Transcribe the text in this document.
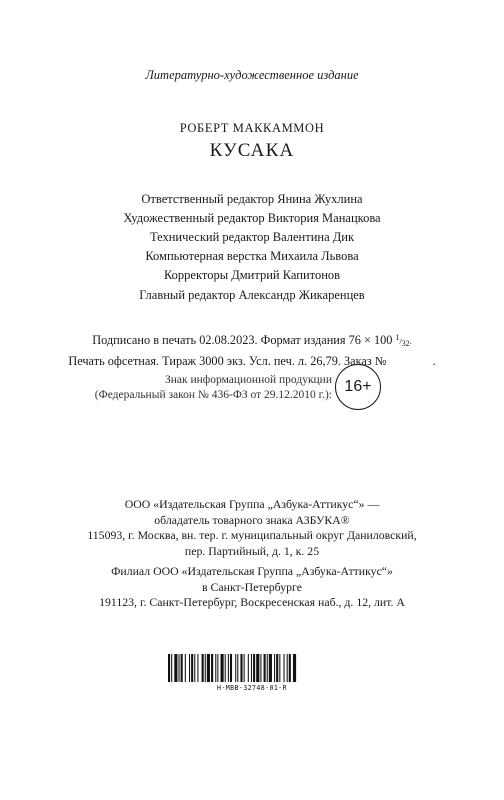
Литературно-художественное издание
РОБЕРТ МАККАММОН
КУСАКА
Ответственный редактор Янина Жухлина
Художественный редактор Виктория Манацкова
Технический редактор Валентина Дик
Компьютерная верстка Михаила Львова
Корректоры Дмитрий Капитонов
Главный редактор Александр Жикаренцев
Подписано в печать 02.08.2023. Формат издания 76 × 100 $^1/_{32}$.
Печать офсетная. Тираж 3000 экз. Усл. печ. л. 26,79. Заказ №	.
Знак информационной продукции
(Федеральный закон № 436-ФЗ от 29.12.2010 г.): 16+
ООО «Издательская Группа „Азбука-Аттикус“» —
обладатель товарного знака АЗБУКА®
115093, г. Москва, вн. тер. г. муниципальный округ Даниловский,
пер. Партийный, д. 1, к. 25
Филиал ООО «Издательская Группа „Азбука-Аттикус“»
в Санкт-Петербурге
191123, г. Санкт-Петербург, Воскресенская наб., д. 12, лит. А
Н-МВВ-32748-01-R
